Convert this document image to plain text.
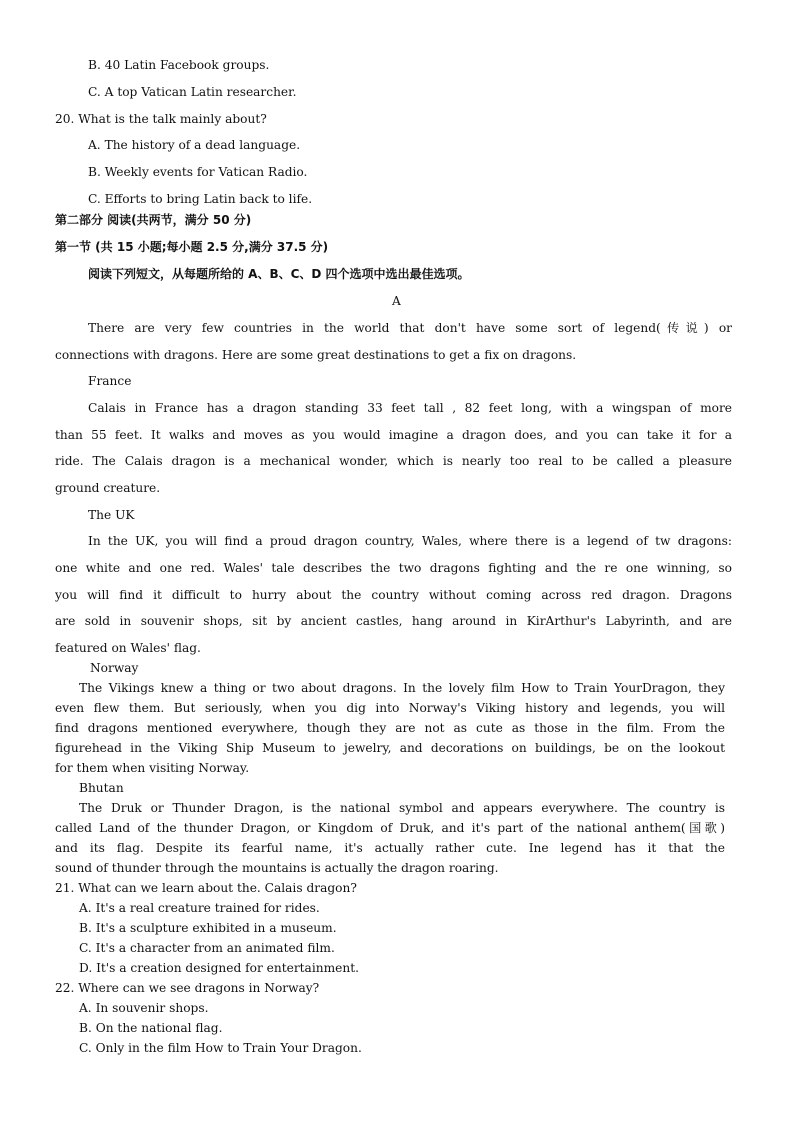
B. 40 Latin Facebook groups.
C. A top Vatican Latin researcher.
20. What is the talk mainly about?
A. The history of a dead language.
B. Weekly events for Vatican Radio.
C. Efforts to bring Latin back to life.
第二部分 阅读(共两节，满分 50 分)
第一节 (共 15 小题;每小题 2.5 分,满分 37.5 分)
阅读下列短文，从每题所给的 A、B、C、D 四个选项中选出最佳选项。
A
There are very few countries in the world that don't have some sort of legend(传说) or
connections with dragons. Here are some great destinations to get a fix on dragons.
France
Calais in France has a dragon standing 33 feet tall , 82 feet long, with a wingspan of more
than 55 feet. It walks and moves as you would imagine a dragon does, and you can take it for a
ride. The Calais dragon is a mechanical wonder, which is nearly too real to be called a pleasure
ground creature.
The UK
In the UK, you will find a proud dragon country, Wales, where there is a legend of tw dragons:
one white and one red. Wales' tale describes the two dragons fighting and the re one winning, so
you will find it difficult to hurry about the country without coming across red dragon. Dragons
are sold in souvenir shops, sit by ancient castles, hang around in KirArthur's Labyrinth, and are
featured on Wales' flag.
Norway
The Vikings knew a thing or two about dragons. In the lovely film How to Train YourDragon, they
even flew them. But seriously, when you dig into Norway's Viking history and legends, you will
find dragons mentioned everywhere, though they are not as cute as those in the film. From the
figurehead in the Viking Ship Museum to jewelry, and decorations on buildings, be on the lookout
for them when visiting Norway.
Bhutan
The Druk or Thunder Dragon, is the national symbol and appears everywhere. The country is
called Land of the thunder Dragon, or Kingdom of Druk, and it's part of the national anthem(国歌)
and its flag. Despite its fearful name, it's actually rather cute. Ine legend has it that the
sound of thunder through the mountains is actually the dragon roaring.
21. What can we learn about the. Calais dragon?
A. It's a real creature trained for rides.
B. It's a sculpture exhibited in a museum.
C. It's a character from an animated film.
D. It's a creation designed for entertainment.
22. Where can we see dragons in Norway?
A. In souvenir shops.
B. On the national flag.
C. Only in the film How to Train Your Dragon.
